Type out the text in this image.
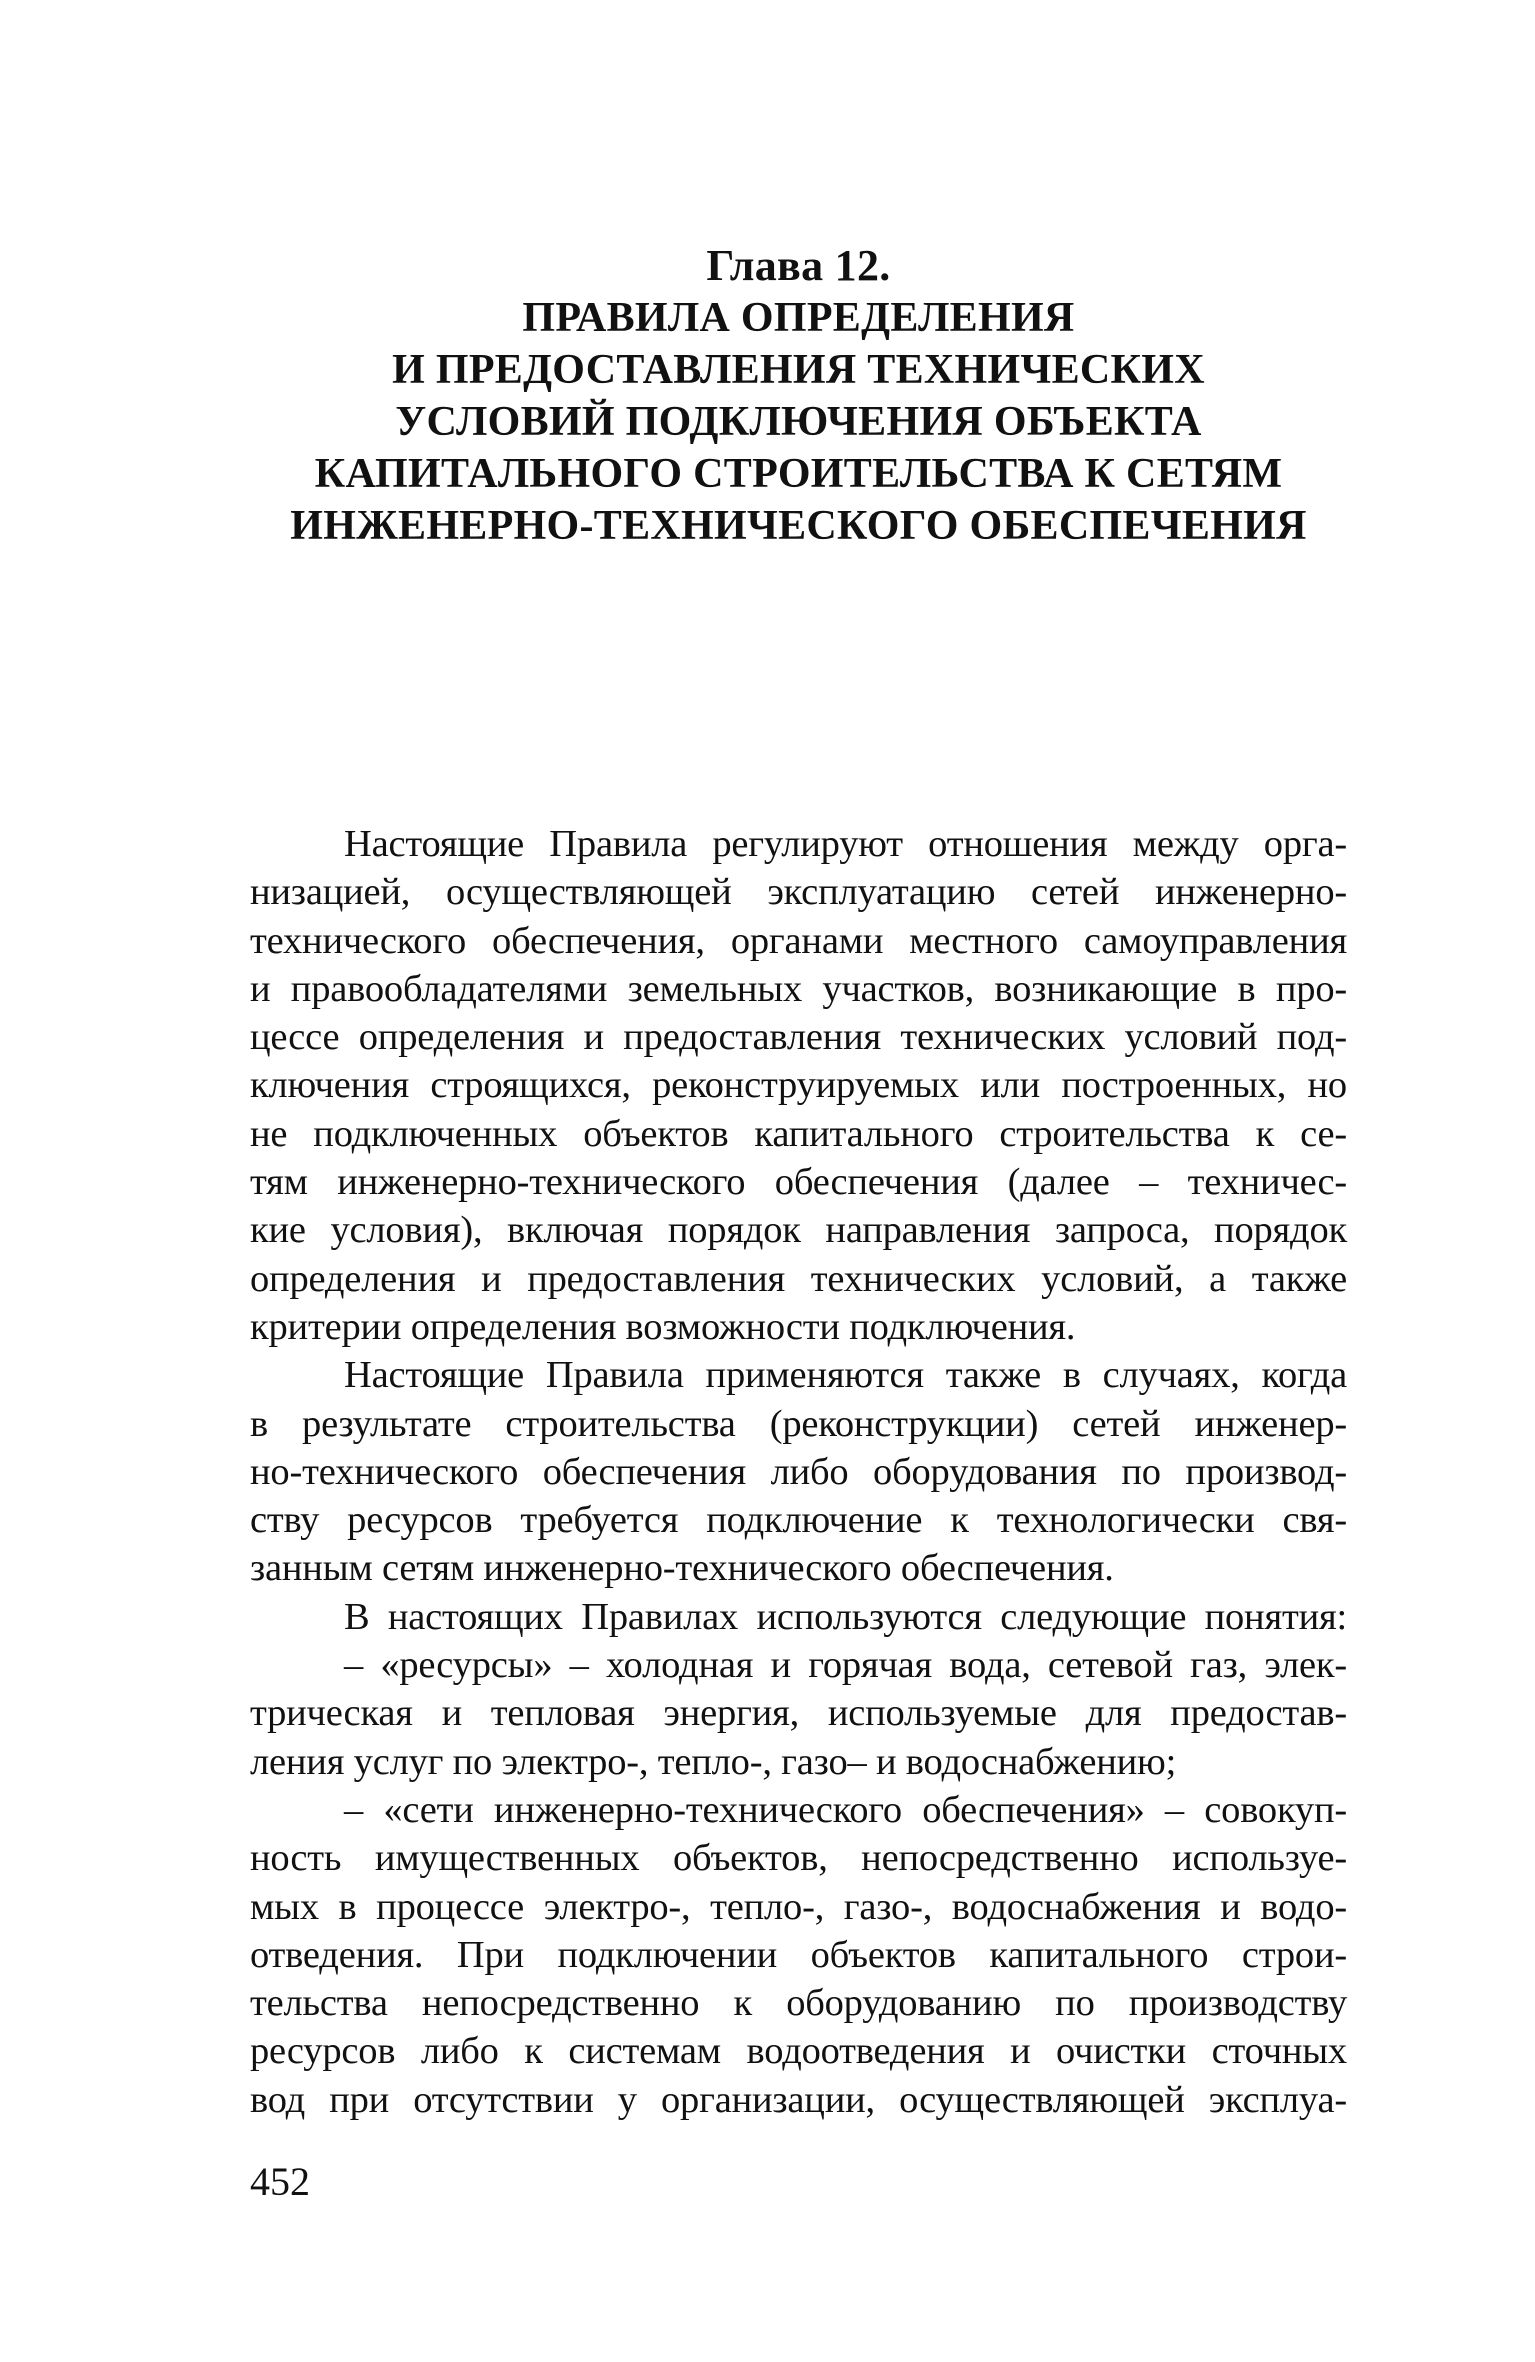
Глава 12.
ПРАВИЛА ОПРЕДЕЛЕНИЯ
И ПРЕДОСТАВЛЕНИЯ ТЕХНИЧЕСКИХ
УСЛОВИЙ ПОДКЛЮЧЕНИЯ ОБЪЕКТА
КАПИТАЛЬНОГО СТРОИТЕЛЬСТВА К СЕТЯМ
ИНЖЕНЕРНО-ТЕХНИЧЕСКОГО ОБЕСПЕЧЕНИЯ
Настоящие Правила регулируют отношения между орга-
низацией, осуществляющей эксплуатацию сетей инженерно-
технического обеспечения, органами местного самоуправления
и правообладателями земельных участков, возникающие в про-
цессе определения и предоставления технических условий под-
ключения строящихся, реконструируемых или построенных, но
не подключенных объектов капитального строительства к се-
тям инженерно-технического обеспечения (далее – техничес-
кие условия), включая порядок направления запроса, порядок
определения и предоставления технических условий, а также
критерии определения возможности подключения.
Настоящие Правила применяются также в случаях, когда
в результате строительства (реконструкции) сетей инженер-
но-технического обеспечения либо оборудования по производ-
ству ресурсов требуется подключение к технологически свя-
занным сетям инженерно-технического обеспечения.
В настоящих Правилах используются следующие понятия:
– «ресурсы» – холодная и горячая вода, сетевой газ, элек-
трическая и тепловая энергия, используемые для предостав-
ления услуг по электро-, тепло-, газо– и водоснабжению;
– «сети инженерно-технического обеспечения» – совокуп-
ность имущественных объектов, непосредственно используе-
мых в процессе электро-, тепло-, газо-, водоснабжения и водо-
отведения. При подключении объектов капитального строи-
тельства непосредственно к оборудованию по производству
ресурсов либо к системам водоотведения и очистки сточных
вод при отсутствии у организации, осуществляющей эксплуа-
452
